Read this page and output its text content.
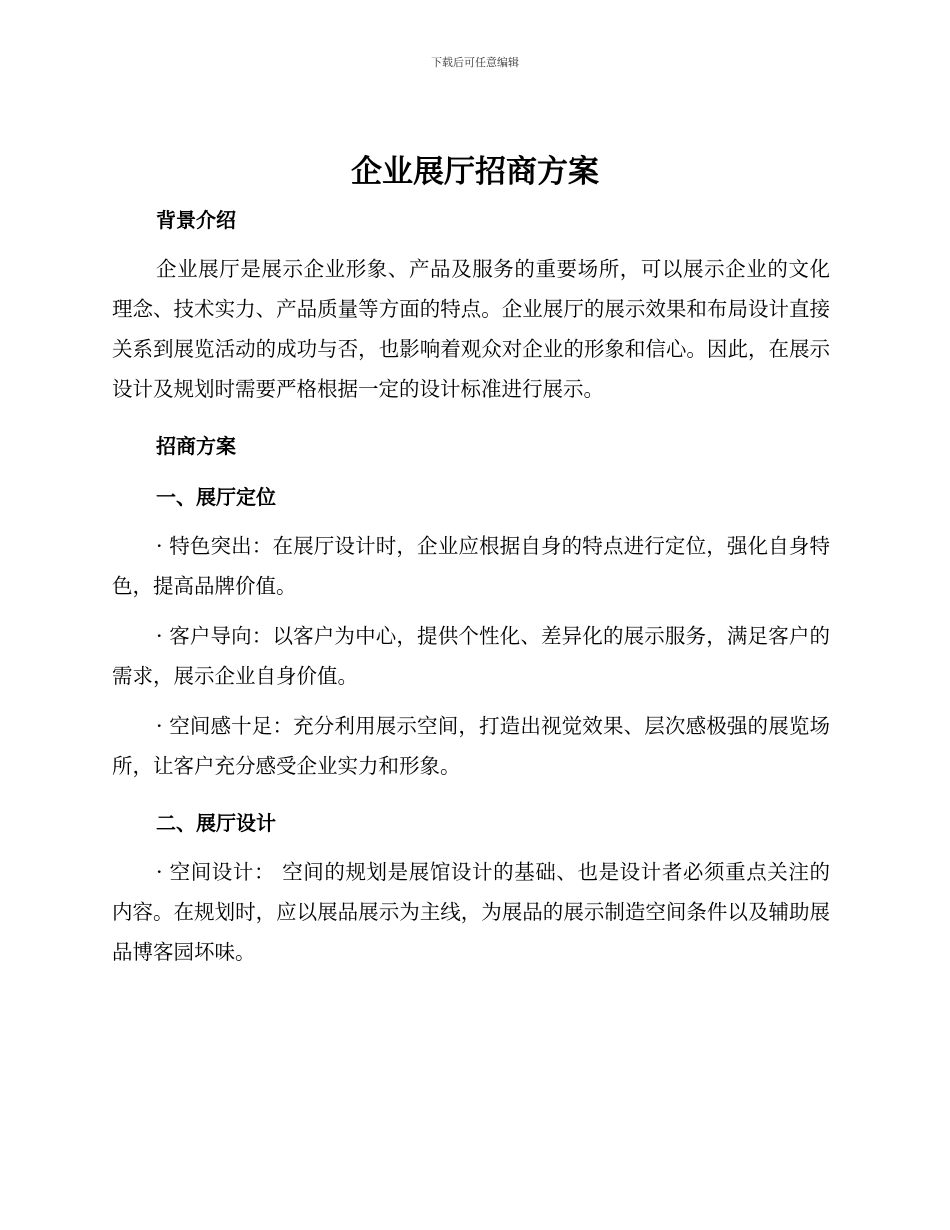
下载后可任意编辑
企业展厅招商方案
背景介绍

企业展厅是展示企业形象、产品及服务的重要场所，可以展示企业的文化理念、技术实力、产品质量等方面的特点。企业展厅的展示效果和布局设计直接关系到展览活动的成功与否，也影响着观众对企业的形象和信心。因此，在展示设计及规划时需要严格根据一定的设计标准进行展示。

招商方案
一、展厅定位

· 特色突出：在展厅设计时，企业应根据自身的特点进行定位，强化自身特色，提高品牌价值。

· 客户导向：以客户为中心，提供个性化、差异化的展示服务，满足客户的需求，展示企业自身价值。

· 空间感十足：充分利用展示空间，打造出视觉效果、层次感极强的展览场所，让客户充分感受企业实力和形象。

二、展厅设计

· 空间设计： 空间的规划是展馆设计的基础、也是设计者必须重点关注的内容。在规划时，应以展品展示为主线，为展品的展示制造空间条件以及辅助展品博客园坏味。
